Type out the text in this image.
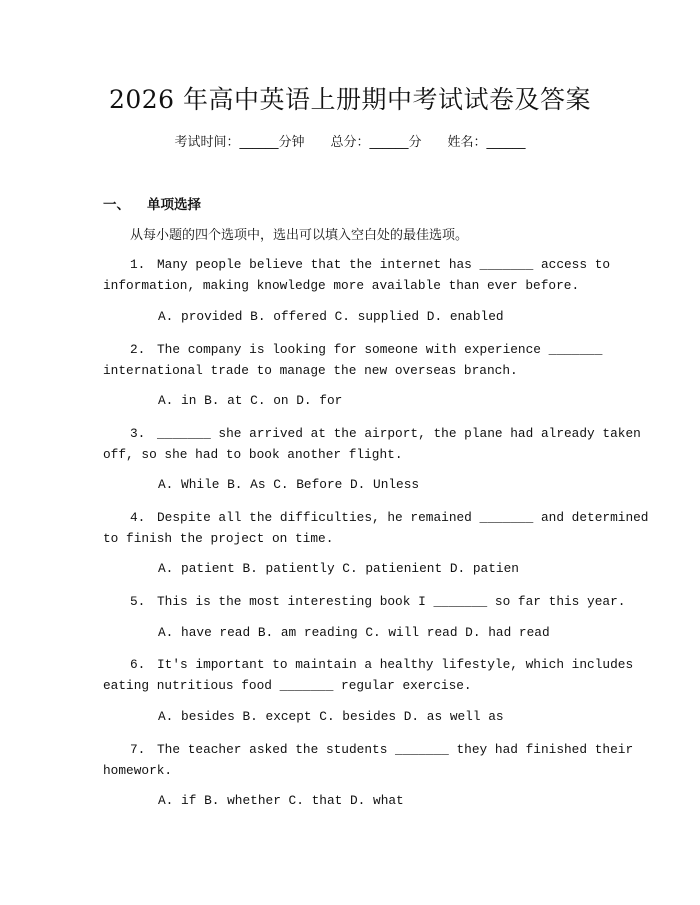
2026 年高中英语上册期中考试试卷及答案
考试时间：______分钟 总分：______分 姓名：______
一、 单项选择
从每小题的四个选项中，选出可以填入空白处的最佳选项。
1. Many people believe that the internet has _______ access to
information, making knowledge more available than ever before.
A. provided B. offered C. supplied D. enabled
2. The company is looking for someone with experience _______
international trade to manage the new overseas branch.
A. in B. at C. on D. for
3. _______ she arrived at the airport, the plane had already taken
off, so she had to book another flight.
A. While B. As C. Before D. Unless
4. Despite all the difficulties, he remained _______ and determined
to finish the project on time.
A. patient B. patiently C. patienient D. patien
5. This is the most interesting book I _______ so far this year.
A. have read B. am reading C. will read D. had read
6. It's important to maintain a healthy lifestyle, which includes
eating nutritious food _______ regular exercise.
A. besides B. except C. besides D. as well as
7. The teacher asked the students _______ they had finished their
homework.
A. if B. whether C. that D. what
